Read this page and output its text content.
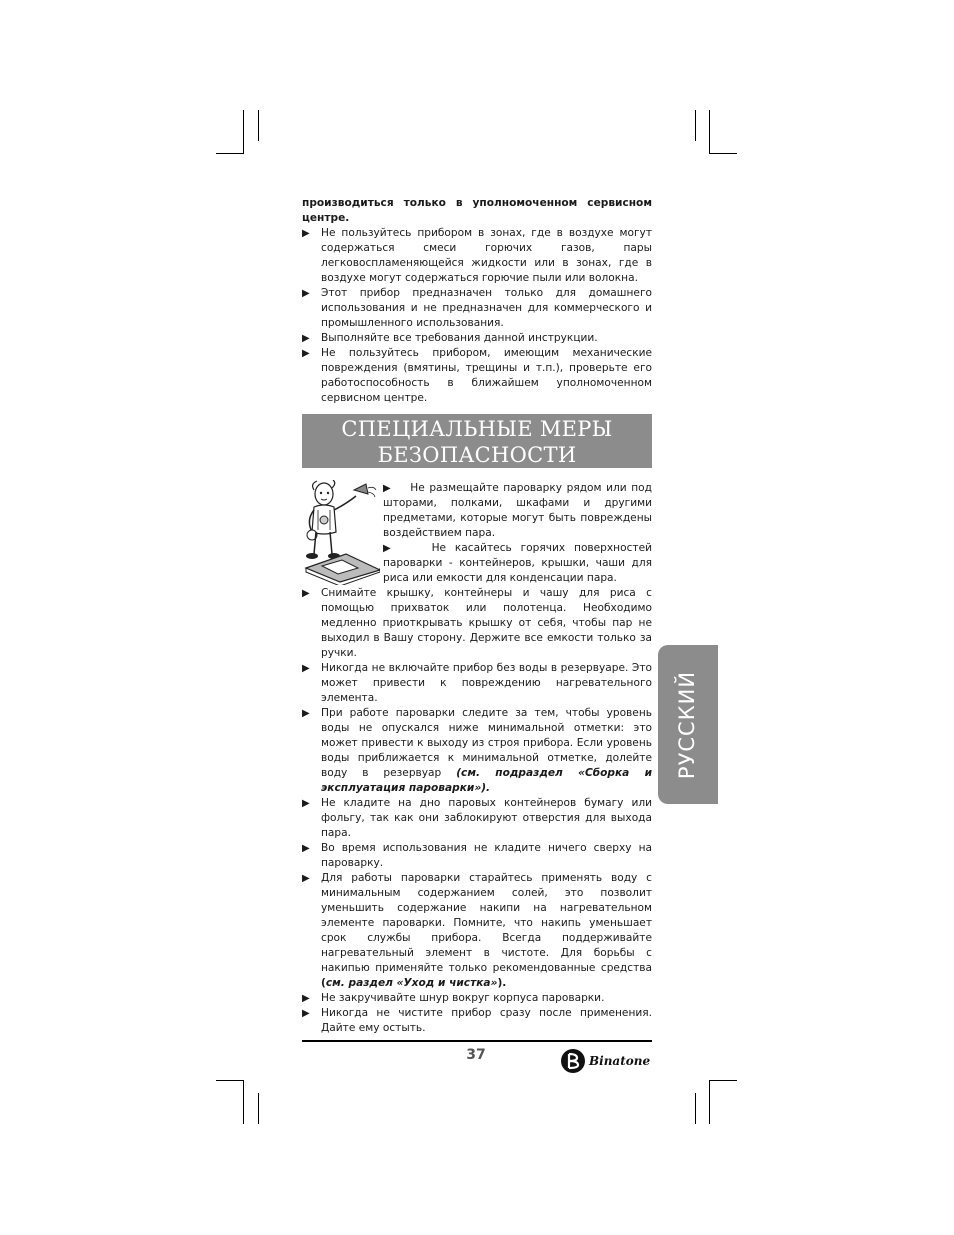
производиться только в уполномоченном сервисном центре.

▶ Не пользуйтесь прибором в зонах, где в воздухе могут содержаться смеси горючих газов, пары легковоспламеняющейся жидкости или в зонах, где в воздухе могут содержаться горючие пыли или волокна.

▶ Этот прибор предназначен только для домашнего использования и не предназначен для коммерческого и промышленного использования.

▶ Выполняйте все требования данной инструкции.

▶ Не пользуйтесь прибором, имеющим механические повреждения (вмятины, трещины и т.п.), проверьте его работоспособность в ближайшем уполномоченном сервисном центре.

СПЕЦИАЛЬНЫЕ МЕРЫ
БЕЗОПАСНОСТИ

▶ Не размещайте пароварку рядом или под шторами, полками, шкафами и другими предметами, которые могут быть повреждены воздействием пара.

▶	Не касайтесь горячих поверхностей пароварки - контейнеров, крышки, чаши для риса или емкости для конденсации пара.

▶ Снимайте крышку, контейнеры и чашу для риса с помощью прихваток или полотенца. Необходимо медленно приоткрывать крышку от себя, чтобы пар не выходил в Вашу сторону. Держите все емкости только за ручки.

▶ Никогда не включайте прибор без воды в резервуаре. Это может привести к повреждению нагревательного элемента.

▶ При работе пароварки следите за тем, чтобы уровень воды не опускался ниже минимальной отметки: это может привести к выходу из строя прибора. Если уровень воды приближается к минимальной отметке, долейте воду в резервуар (см. подраздел «Сборка и эксплуатация пароварки»).

▶ Не кладите на дно паровых контейнеров бумагу или фольгу, так как они заблокируют отверстия для выхода пара.

▶ Во время использования не кладите ничего сверху на пароварку.

▶ Для работы пароварки старайтесь применять воду с минимальным содержанием солей, это позволит уменьшить содержание накипи на нагревательном элементе пароварки. Помните, что накипь уменьшает срок службы прибора. Всегда поддерживайте нагревательный элемент в чистоте. Для борьбы с накипью применяйте только рекомендованные средства (см. раздел «Уход и чистка»).

▶ Не закручивайте шнур вокруг корпуса пароварки.

▶ Никогда не чистите прибор сразу после применения. Дайте ему остыть.

РУССКИЙ
37	Binatone
